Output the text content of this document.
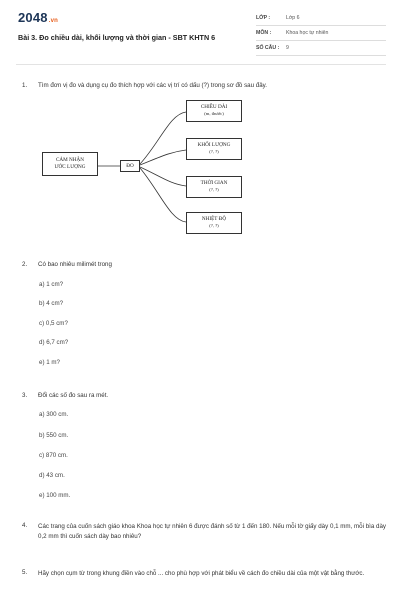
2048.vn
Bài 3. Đo chiều dài, khối lượng và thời gian - SBT KHTN 6
LỚP :	Lớp 6
MÔN :	Khoa học tự nhiên
SỐ CÂU : 9
1. Tìm đơn vị đo và dụng cụ đo thích hợp với các vị trí có dấu (?) trong sơ đồ sau đây.
CẢM NHẬN
ƯỚC LƯỢNG	ĐO
CHIỀU DÀI
(m, thước)
KHỐI LƯỢNG
(?, ?)
THỜI GIAN
(?, ?)
NHIỆT ĐỘ
(?, ?)
2. Có bao nhiêu milimét trong
a) 1 cm?
b) 4 cm?
c) 0,5 cm?
d) 6,7 cm?
e) 1 m?
3. Đổi các số đo sau ra mét.
a) 300 cm.
b) 550 cm.
c) 870 cm.
d) 43 cm.
e) 100 mm.
4. Các trang của cuốn sách giáo khoa Khoa học tự nhiên 6 được đánh số từ 1 đến 180. Nếu mỗi tờ giấy dày 0,1 mm, mỗi bìa dày 0,2 mm thì cuốn sách dày bao nhiêu?
5. Hãy chọn cụm từ trong khung điền vào chỗ ... cho phù hợp với phát biểu về cách đo chiều dài của một vật bằng thước.
